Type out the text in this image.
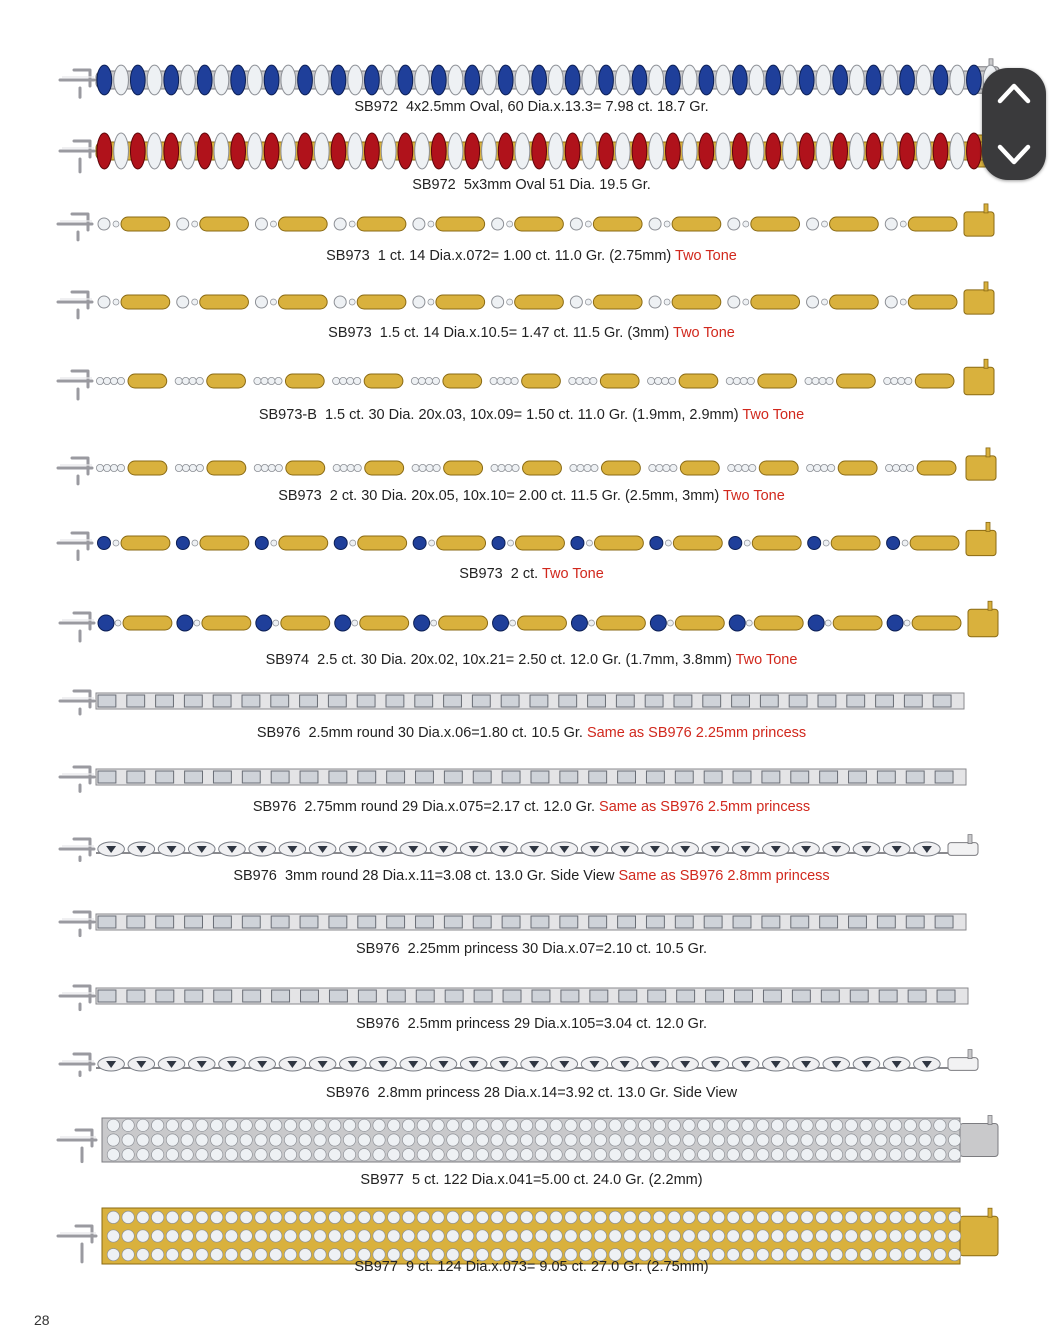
SB972 4x2.5mm Oval, 60 Dia.x.13.3= 7.98 ct. 18.7 Gr.
SB972 5x3mm Oval 51 Dia. 19.5 Gr.
SB973 1 ct. 14 Dia.x.072= 1.00 ct. 11.0 Gr. (2.75mm) Two Tone
SB973 1.5 ct. 14 Dia.x.10.5= 1.47 ct. 11.5 Gr. (3mm) Two Tone
SB973-B 1.5 ct. 30 Dia. 20x.03, 10x.09= 1.50 ct. 11.0 Gr. (1.9mm, 2.9mm) Two Tone
SB973 2 ct. 30 Dia. 20x.05, 10x.10= 2.00 ct. 11.5 Gr. (2.5mm, 3mm) Two Tone
SB973 2 ct. Two Tone
SB974 2.5 ct. 30 Dia. 20x.02, 10x.21= 2.50 ct. 12.0 Gr. (1.7mm, 3.8mm) Two Tone
SB976 2.5mm round 30 Dia.x.06=1.80 ct. 10.5 Gr. Same as SB976 2.25mm princess
SB976 2.75mm round 29 Dia.x.075=2.17 ct. 12.0 Gr. Same as SB976 2.5mm princess
SB976 3mm round 28 Dia.x.11=3.08 ct. 13.0 Gr. Side View Same as SB976 2.8mm princess
SB976 2.25mm princess 30 Dia.x.07=2.10 ct. 10.5 Gr.
SB976 2.5mm princess 29 Dia.x.105=3.04 ct. 12.0 Gr.
SB976 2.8mm princess 28 Dia.x.14=3.92 ct. 13.0 Gr. Side View
SB977 5 ct. 122 Dia.x.041=5.00 ct. 24.0 Gr. (2.2mm)
SB977 9 ct. 124 Dia.x.073= 9.05 ct. 27.0 Gr. (2.75mm)
28
